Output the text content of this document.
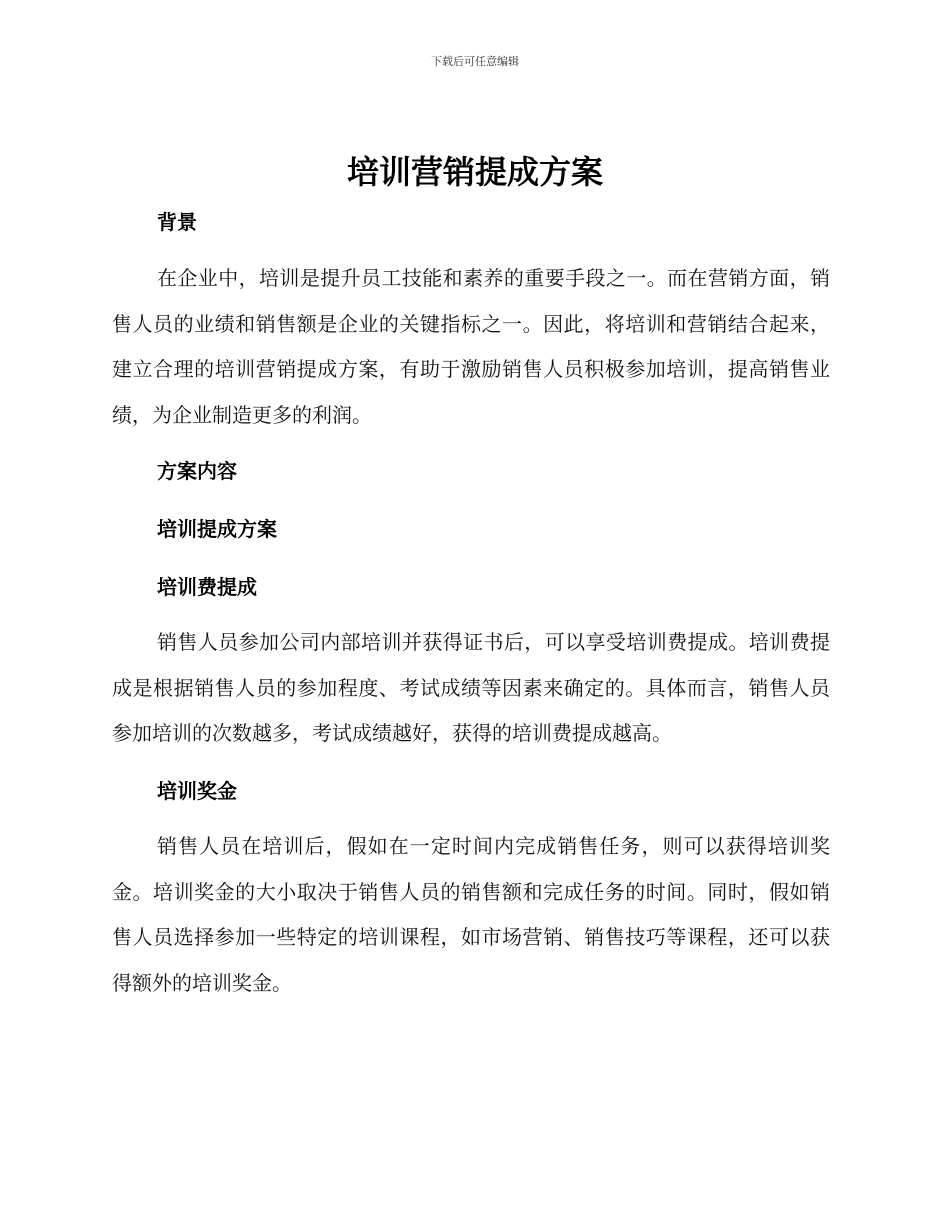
下载后可任意编辑
培训营销提成方案
背景

在企业中，培训是提升员工技能和素养的重要手段之一。而在营销方面，销售人员的业绩和销售额是企业的关键指标之一。因此，将培训和营销结合起来，建立合理的培训营销提成方案，有助于激励销售人员积极参加培训，提高销售业绩，为企业制造更多的利润。

方案内容
培训提成方案
培训费提成

销售人员参加公司内部培训并获得证书后，可以享受培训费提成。培训费提成是根据销售人员的参加程度、考试成绩等因素来确定的。具体而言，销售人员参加培训的次数越多，考试成绩越好，获得的培训费提成越高。

培训奖金

销售人员在培训后，假如在一定时间内完成销售任务，则可以获得培训奖金。培训奖金的大小取决于销售人员的销售额和完成任务的时间。同时，假如销售人员选择参加一些特定的培训课程，如市场营销、销售技巧等课程，还可以获得额外的培训奖金。
